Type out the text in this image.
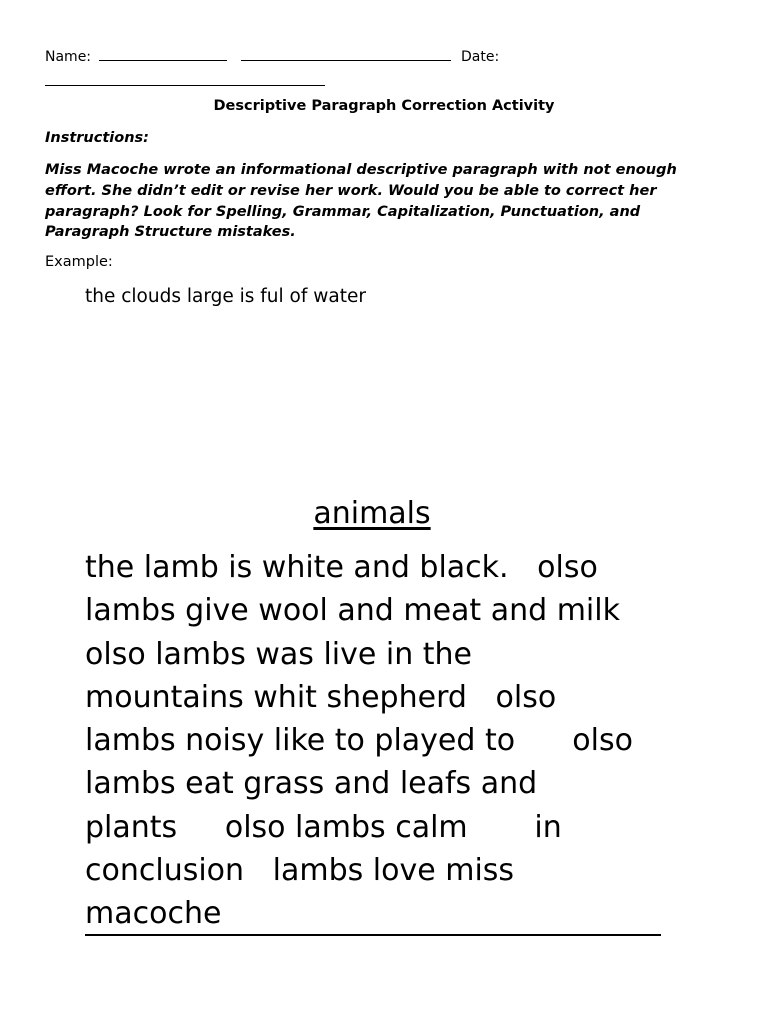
Name:	Date:
Descriptive Paragraph Correction Activity
Instructions:
Miss Macoche wrote an informational descriptive paragraph with not enough effort. She didn’t edit or revise her work. Would you be able to correct her paragraph? Look for Spelling, Grammar, Capitalization, Punctuation, and Paragraph Structure mistakes.
Example:
the clouds large is ful of water
animals
the lamb is white and black.   olso
lambs give wool and meat and milk
olso lambs was live in the
mountains whit shepherd   olso
lambs noisy like to played to      olso
lambs eat grass and leafs and
plants     olso lambs calm       in
conclusion   lambs love miss
macoche
